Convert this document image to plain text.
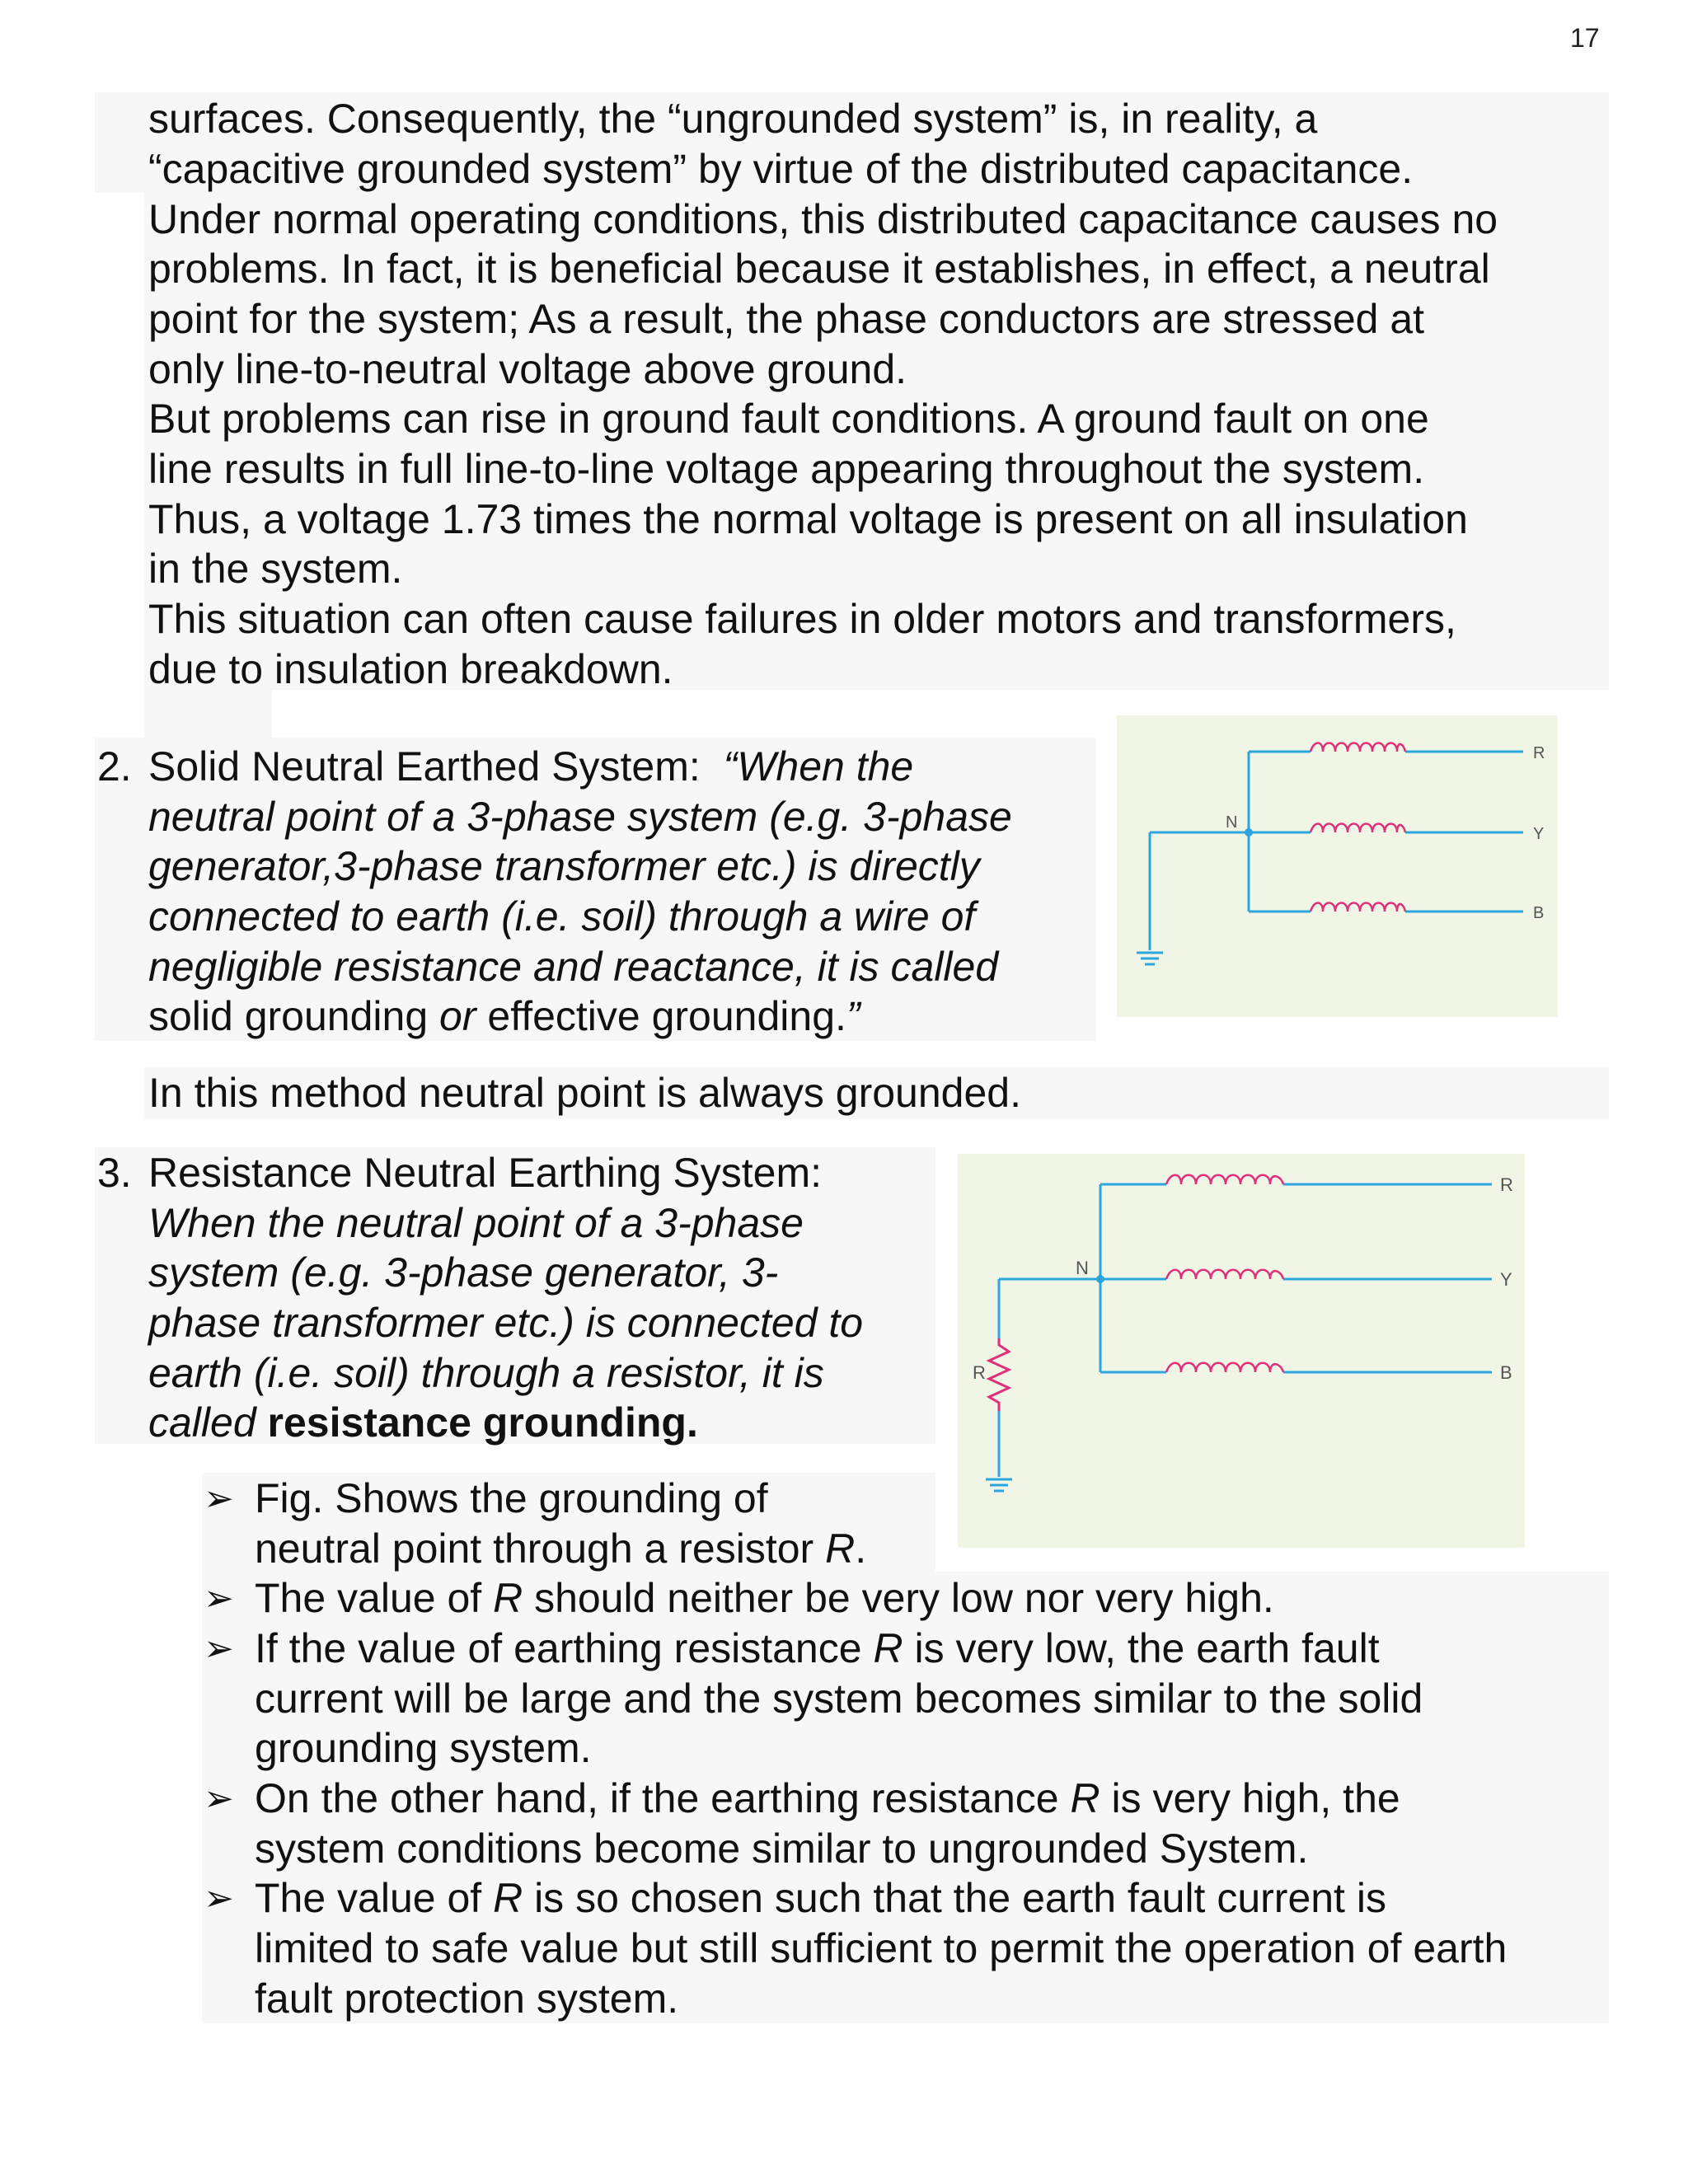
17
surfaces. Consequently, the “ungrounded system” is, in reality, a
“capacitive grounded system” by virtue of the distributed capacitance.
Under normal operating conditions, this distributed capacitance causes no
problems. In fact, it is beneficial because it establishes, in effect, a neutral
point for the system; As a result, the phase conductors are stressed at
only line-to-neutral voltage above ground.
But problems can rise in ground fault conditions. A ground fault on one
line results in full line-to-line voltage appearing throughout the system.
Thus, a voltage 1.73 times the normal voltage is present on all insulation
in the system.
This situation can often cause failures in older motors and transformers,
due to insulation breakdown.
2. Solid Neutral Earthed System: “When the
neutral point of a 3-phase system (e.g. 3-phase
generator,3-phase transformer etc.) is directly
connected to earth (i.e. soil) through a wire of
negligible resistance and reactance, it is called
solid grounding or effective grounding.”
In this method neutral point is always grounded.
N
R
Y
B
3. Resistance Neutral Earthing System:
When the neutral point of a 3-phase
system (e.g. 3-phase generator, 3-
phase transformer etc.) is connected to
earth (i.e. soil) through a resistor, it is
called resistance grounding.
N
R
R
Y
B
➢ Fig. Shows the grounding of
neutral point through a resistor R.
➢ The value of R should neither be very low nor very high.
➢ If the value of earthing resistance R is very low, the earth fault
current will be large and the system becomes similar to the solid
grounding system.
➢ On the other hand, if the earthing resistance R is very high, the
system conditions become similar to ungrounded System.
➢ The value of R is so chosen such that the earth fault current is
limited to safe value but still sufficient to permit the operation of earth
fault protection system.
